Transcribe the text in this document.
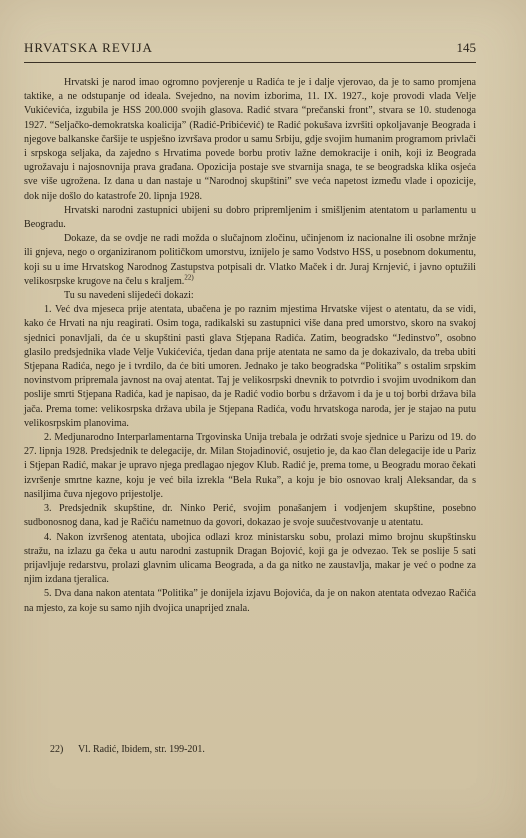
HRVATSKA REVIJA	145

Hrvatski je narod imao ogromno povjerenje u Radića te je i dalje vjerovao, da je to samo promjena taktike, a ne odstupanje od ideala. Svejedno, na novim izborima, 11. IX. 1927., koje provodi vlada Velje Vukićevića, izgubila je HSS 200.000 svojih glasova. Radić stvara “prečanski front”, stvara se 10. studenoga 1927. “Seljačko-demokratska koalicija” (Radić-Pribićević) te Radić pokušava izvršiti opkoljavanje Beograda i njegove balkanske čaršije te uspješno izvršava prodor u samu Srbiju, gdje svojim humanim programom privlači i srpskoga seljaka, da zajedno s Hrvatima povede borbu protiv lažne demokracije i onih, koji iz Beograda ugrožavaju i najosnovnija prava građana. Opozicija postaje sve stvarnija snaga, te se beogradska klika osjeća sve više ugrožena. Iz dana u dan nastaje u “Narodnoj skupštini” sve veća napetost između vlade i opozicije, dok nije došlo do katastrofe 20. lipnja 1928.

Hrvatski narodni zastupnici ubijeni su dobro pripremljenim i smišljenim atentatom u parlamentu u Beogradu.

Dokaze, da se ovdje ne radi možda o slučajnom zločinu, učinjenom iz nacionalne ili osobne mržnje ili gnjeva, nego o organiziranom političkom umorstvu, iznijelo je samo Vodstvo HSS, u posebnom dokumentu, koji su u ime Hrvatskog Narodnog Zastupstva potpisali dr. Vlatko Maček i dr. Juraj Krnjević, i javno optužili velikosrpske krugove na čelu s kraljem.$^{22)}$

Tu su navedeni slijedeći dokazi:

1. Već dva mjeseca prije atentata, ubačena je po raznim mjestima Hrvatske vijest o atentatu, da se vidi, kako će Hrvati na nju reagirati. Osim toga, radikalski su zastupnici više dana pred umorstvo, skoro na svakoj sjednici ponavljali, da će u skupštini pasti glava Stjepana Radića. Zatim, beogradsko “Jedinstvo”, osobno glasilo predsjednika vlade Velje Vukićevića, tjedan dana prije atentata ne samo da je dokazivalo, da treba ubiti Stjepana Radića, nego je i tvrdilo, da će biti umoren. Jednako je tako beogradska “Politika” s ostalim srpskim novinstvom pripremala javnost na ovaj atentat. Taj je velikosrpski dnevnik to potvrdio i svojim uvodnikom dan poslije smrti Stjepana Radića, kad je napisao, da je Radić vodio borbu s državom i da je u toj borbi država bila jača. Prema tome: velikosrpska država ubila je Stjepana Radića, vođu hrvatskoga naroda, jer je stajao na putu velikosrpskim planovima.

2. Medjunarodno Interparlamentarna Trgovinska Unija trebala je održati svoje sjednice u Parizu od 19. do 27. lipnja 1928. Predsjednik te delegacije, dr. Milan Stojadinović, osujetio je, da kao član delegacije ide u Pariz i Stjepan Radić, makar je upravo njega predlagao njegov Klub. Radić je, prema tome, u Beogradu morao čekati izvršenje smrtne kazne, koju je već bila izrekla “Bela Ruka”, a koju je bio osnovao kralj Aleksandar, da s nasiljima čuva njegovo prijestolje.

3. Predsjednik skupštine, dr. Ninko Perić, svojim ponašanjem i vodjenjem skupštine, posebno sudbonosnog dana, kad je Račiću nametnuo da govori, dokazao je svoje suučestvovanje u atentatu.

4. Nakon izvršenog atentata, ubojica odlazi kroz ministarsku sobu, prolazi mimo brojnu skupštinsku stražu, na izlazu ga čeka u autu narodni zastupnik Dragan Bojović, koji ga je odvezao. Tek se poslije 5 sati prijavljuje redarstvu, prolazi glavnim ulicama Beograda, a da ga nitko ne zaustavlja, makar je već o podne za njim izdana tjeralica.

5. Dva dana nakon atentata “Politika” je donijela izjavu Bojovića, da je on nakon atentata odvezao Račića na mjesto, za koje su samo njih dvojica unaprijed znala.

22) Vl. Radić, Ibidem, str. 199-201.
